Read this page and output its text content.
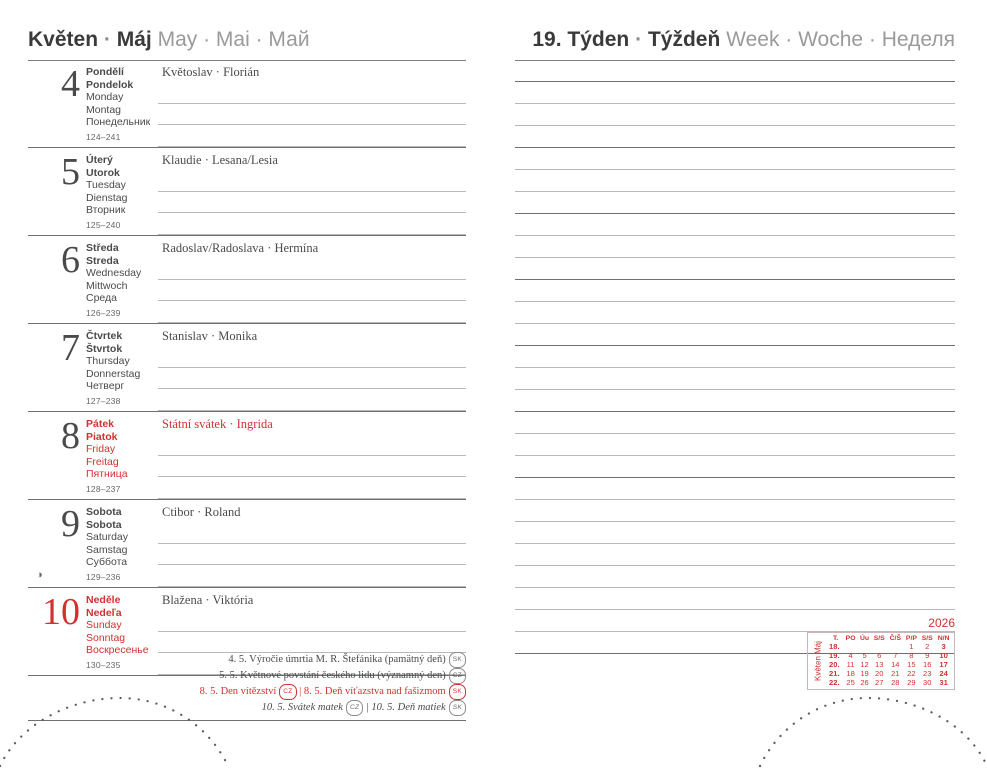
Květen · Máj May · Mai · Май
4 Pondělí
Pondelok
Monday
Montag
Понедельник
124–241
Květoslav · Florián
5 Úterý
Utorok
Tuesday
Dienstag
Вторник
125–240
Klaudie · Lesana/Lesia
6 Středa
Streda
Wednesday
Mittwoch
Среда
126–239
Radoslav/Radoslava · Hermína
7 Čtvrtek
Štvrtok
Thursday
Donnerstag
Четверг
127–238
Stanislav · Monika
8 Pátek
Piatok
Friday
Freitag
Пятница
128–237
Státní svátek · Ingrida
9
◑
Sobota
Sobota
Saturday
Samstag
Суббота
129–236
Ctibor · Roland
10 Neděle
Nedeľa
Sunday
Sonntag
Воскресенье
130–235
Blažena · Viktória
4. 5. Výročie úmrtia M. R. Štefánika (pamätný deň) SK
5. 5. Květnové povstání českého lidu (významný den) CZ
8. 5. Den vítězství CZ | 8. 5. Deň víťazstva nad fašizmom SK
10. 5. Svátek matek CZ | 10. 5. Deň matiek SK
19. Týden · Týždeň Week · Woche · Неделя
2026
Květen

Máj
T.	PO	Úu	S/S	Č/Š	P/P	S/S	N/N
18.					1	2	3
19.	4	5	6	7	8	9	10
20.	11	12	13	14	15	16	17
21.	18	19	20	21	22	23	24
22.	25	26	27	28	29	30	31
